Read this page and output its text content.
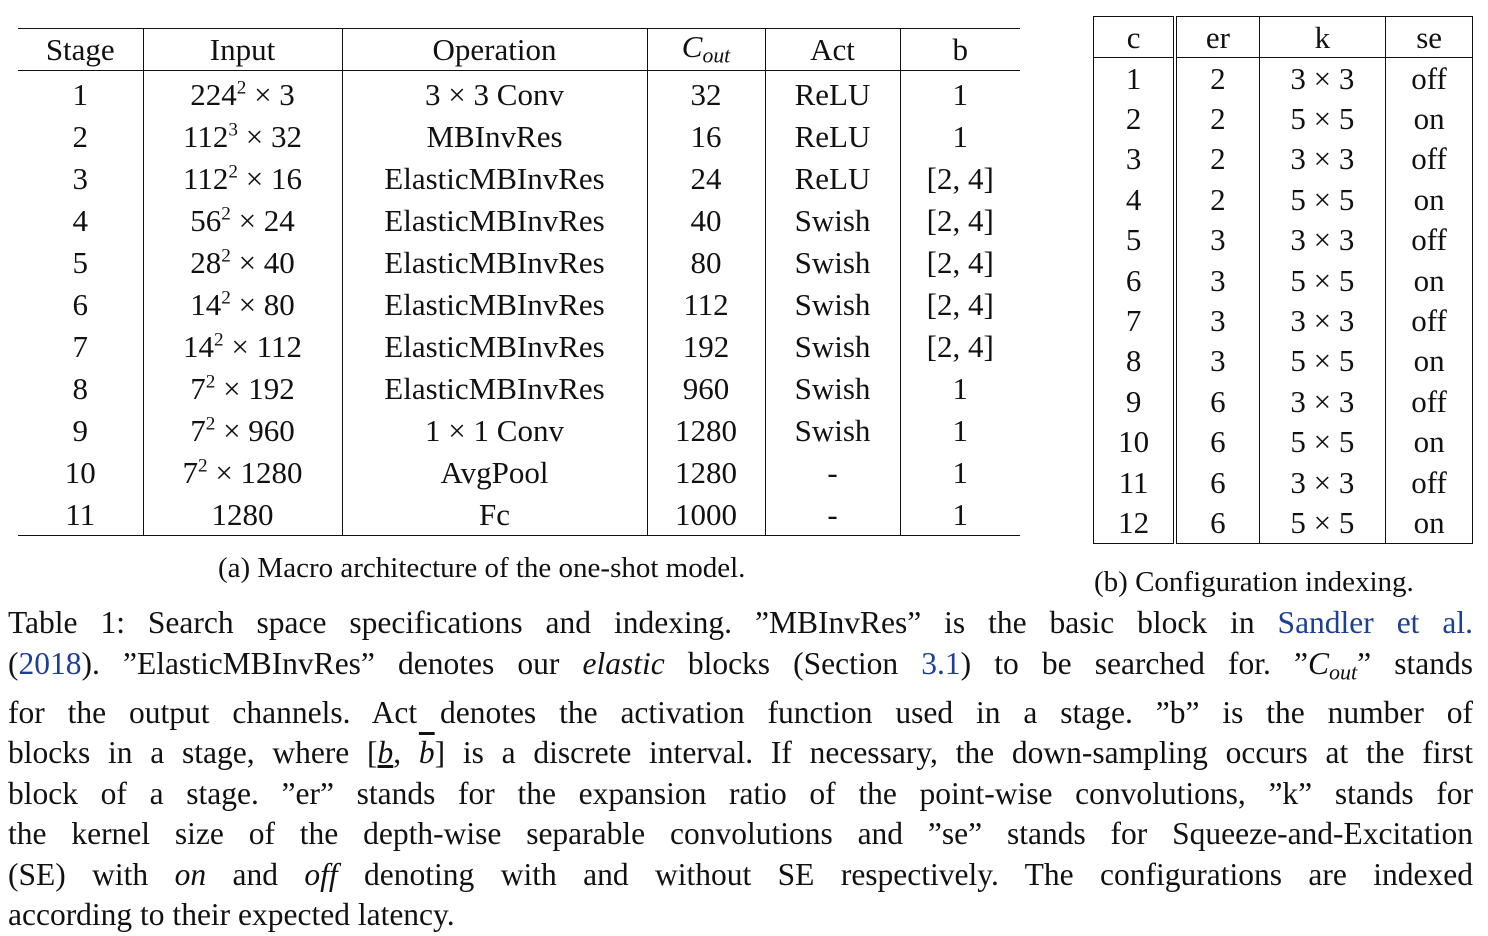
Stage	Input	Operation	$C_{out}$	Act	b
1	$224^2 \times 3$	3 × 3 Conv	32	ReLU	1
2	$112^3 \times 32$	MBInvRes	16	ReLU	1
3	$112^2 \times 16$	ElasticMBInvRes	24	ReLU	[2, 4]
4	$56^2 \times 24$	ElasticMBInvRes	40	Swish	[2, 4]
5	$28^2 \times 40$	ElasticMBInvRes	80	Swish	[2, 4]
6	$14^2 \times 80$	ElasticMBInvRes	112	Swish	[2, 4]
7	$14^2 \times 112$	ElasticMBInvRes	192	Swish	[2, 4]
8	$7^2 \times 192$	ElasticMBInvRes	960	Swish	1
9	$7^2 \times 960$	1 × 1 Conv	1280	Swish	1
10	$7^2 \times 1280$	AvgPool	1280	-	1
11	1280	Fc	1000	-	1
(a) Macro architecture of the one-shot model.
c	er	k	se
1	2	3 × 3	off
2	2	5 × 5	on
3	2	3 × 3	off
4	2	5 × 5	on
5	3	3 × 3	off
6	3	5 × 5	on
7	3	3 × 3	off
8	3	5 × 5	on
9	6	3 × 3	off
10	6	5 × 5	on
11	6	3 × 3	off
12	6	5 × 5	on
(b) Configuration indexing.
Table 1: Search space specifications and indexing. ”MBInvRes” is the basic block in Sandler et al.
(2018). ”ElasticMBInvRes” denotes our elastic blocks (Section 3.1) to be searched for. $”C_{out}$” stands
for the output channels. Act denotes the activation function used in a stage. ”b” is the number of
blocks in a stage, where [b, $\overline{b}$] is a discrete interval. If necessary, the down-sampling occurs at the first
block of a stage. ”er” stands for the expansion ratio of the point-wise convolutions, ”k” stands for
the kernel size of the depth-wise separable convolutions and ”se” stands for Squeeze-and-Excitation
(SE) with on and off denoting with and without SE respectively. The configurations are indexed
according to their expected latency.
